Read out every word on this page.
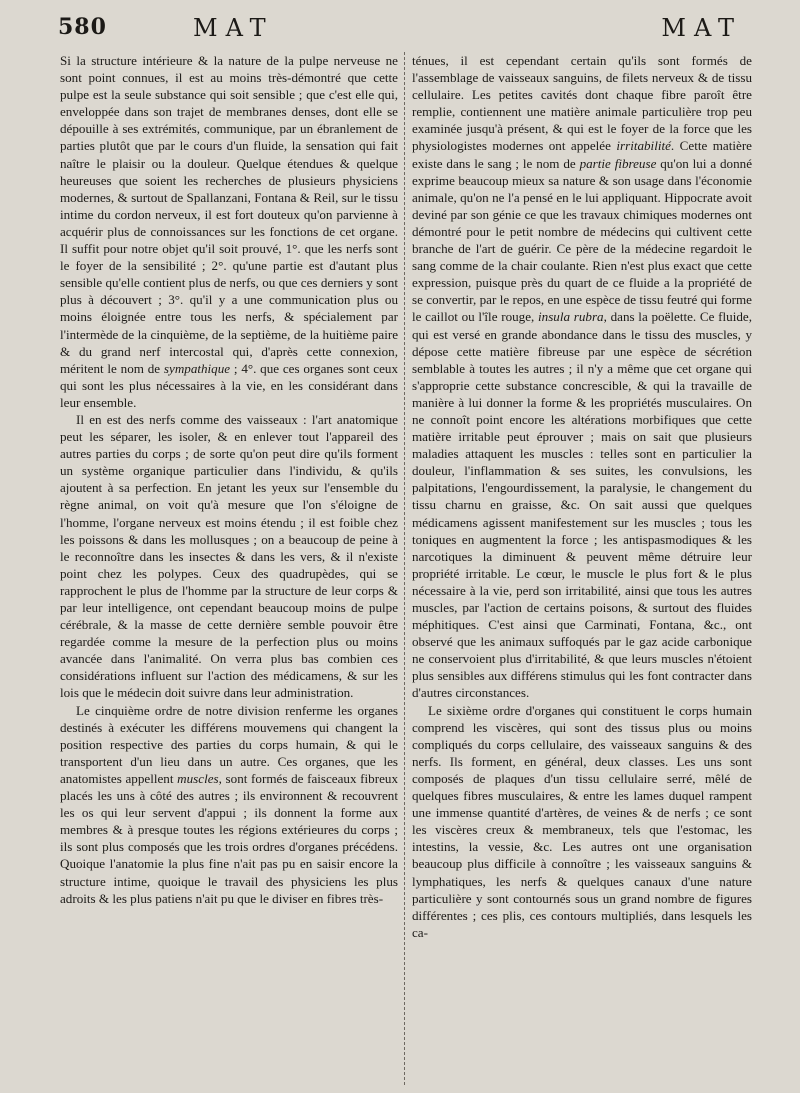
580	MAT	MAT

Si la structure intérieure & la nature de la pulpe nerveuse ne sont point connues, il est au moins très-démontré que cette pulpe est la seule substance qui soit sensible ; que c'est elle qui, enveloppée dans son trajet de membranes denses, dont elle se dépouille à ses extrémités, communique, par un ébranlement de parties plutôt que par le cours d'un fluide, la sensation qui fait naître le plaisir ou la douleur. Quelque étendues & quelque heureuses que soient les recherches de plusieurs physiciens modernes, & surtout de Spallanzani, Fontana & Reil, sur le tissu intime du cordon nerveux, il est fort douteux qu'on parvienne à acquérir plus de connoissances sur les fonctions de cet organe. Il suffit pour notre objet qu'il soit prouvé, 1°. que les nerfs sont le foyer de la sensibilité ; 2°. qu'une partie est d'autant plus sensible qu'elle contient plus de nerfs, ou que ces derniers y sont plus à découvert ; 3°. qu'il y a une communication plus ou moins éloignée entre tous les nerfs, & spécialement par l'intermède de la cinquième, de la septième, de la huitième paire & du grand nerf intercostal qui, d'après cette connexion, méritent le nom de sympathique ; 4°. que ces organes sont ceux qui sont les plus nécessaires à la vie, en les considérant dans leur ensemble.

Il en est des nerfs comme des vaisseaux : l'art anatomique peut les séparer, les isoler, & en enlever tout l'appareil des autres parties du corps ; de sorte qu'on peut dire qu'ils forment un système organique particulier dans l'individu, & qu'ils ajoutent à sa perfection. En jetant les yeux sur l'ensemble du règne animal, on voit qu'à mesure que l'on s'éloigne de l'homme, l'organe nerveux est moins étendu ; il est foible chez les poissons & dans les mollusques ; on a beaucoup de peine à le reconnoître dans les insectes & dans les vers, & il n'existe point chez les polypes. Ceux des quadrupèdes, qui se rapprochent le plus de l'homme par la structure de leur corps & par leur intelligence, ont cependant beaucoup moins de pulpe cérébrale, & la masse de cette dernière semble pouvoir être regardée comme la mesure de la perfection plus ou moins avancée dans l'animalité. On verra plus bas combien ces considérations influent sur l'action des médicamens, & sur les lois que le médecin doit suivre dans leur administration.

Le cinquième ordre de notre division renferme les organes destinés à exécuter les différens mouvemens qui changent la position respective des parties du corps humain, & qui le transportent d'un lieu dans un autre. Ces organes, que les anatomistes appellent muscles, sont formés de faisceaux fibreux placés les uns à côté des autres ; ils environnent & recouvrent les os qui leur servent d'appui ; ils donnent la forme aux membres & à presque toutes les régions extérieures du corps ; ils sont plus composés que les trois ordres d'organes précédens. Quoique l'anatomie la plus fine n'ait pas pu en saisir encore la structure intime, quoique le travail des physiciens les plus adroits & les plus patiens n'ait pu que le diviser en fibres très-

ténues, il est cependant certain qu'ils sont formés de l'assemblage de vaisseaux sanguins, de filets nerveux & de tissu cellulaire. Les petites cavités dont chaque fibre paroît être remplie, contiennent une matière animale particulière trop peu examinée jusqu'à présent, & qui est le foyer de la force que les physiologistes modernes ont appelée irritabilité. Cette matière existe dans le sang ; le nom de partie fibreuse qu'on lui a donné exprime beaucoup mieux sa nature & son usage dans l'économie animale, qu'on ne l'a pensé en le lui appliquant. Hippocrate avoit deviné par son génie ce que les travaux chimiques modernes ont démontré pour le petit nombre de médecins qui cultivent cette branche de l'art de guérir. Ce père de la médecine regardoit le sang comme de la chair coulante. Rien n'est plus exact que cette expression, puisque près du quart de ce fluide a la propriété de se convertir, par le repos, en une espèce de tissu feutré qui forme le caillot ou l'île rouge, insula rubra, dans la poëlette. Ce fluide, qui est versé en grande abondance dans le tissu des muscles, y dépose cette matière fibreuse par une espèce de sécrétion semblable à toutes les autres ; il n'y a même que cet organe qui s'approprie cette substance concrescible, & qui la travaille de manière à lui donner la forme & les propriétés musculaires. On ne connoît point encore les altérations morbifiques que cette matière irritable peut éprouver ; mais on sait que plusieurs maladies attaquent les muscles : telles sont en particulier la douleur, l'inflammation & ses suites, les convulsions, les palpitations, l'engourdissement, la paralysie, le changement du tissu charnu en graisse, &c. On sait aussi que quelques médicamens agissent manifestement sur les muscles ; tous les toniques en augmentent la force ; les antispasmodiques & les narcotiques la diminuent & peuvent même détruire leur propriété irritable. Le cœur, le muscle le plus fort & le plus nécessaire à la vie, perd son irritabilité, ainsi que tous les autres muscles, par l'action de certains poisons, & surtout des fluides méphitiques. C'est ainsi que Carminati, Fontana, &c., ont observé que les animaux suffoqués par le gaz acide carbonique ne conservoient plus d'irritabilité, & que leurs muscles n'étoient plus sensibles aux différens stimulus qui les font contracter dans d'autres circonstances.

Le sixième ordre d'organes qui constituent le corps humain comprend les viscères, qui sont des tissus plus ou moins compliqués du corps cellulaire, des vaisseaux sanguins & des nerfs. Ils forment, en général, deux classes. Les uns sont composés de plaques d'un tissu cellulaire serré, mêlé de quelques fibres musculaires, & entre les lames duquel rampent une immense quantité d'artères, de veines & de nerfs ; ce sont les viscères creux & membraneux, tels que l'estomac, les intestins, la vessie, &c. Les autres ont une organisation beaucoup plus difficile à connoître ; les vaisseaux sanguins & lymphatiques, les nerfs & quelques canaux d'une nature particulière y sont contournés sous un grand nombre de figures différentes ; ces plis, ces contours multipliés, dans lesquels les ca-
